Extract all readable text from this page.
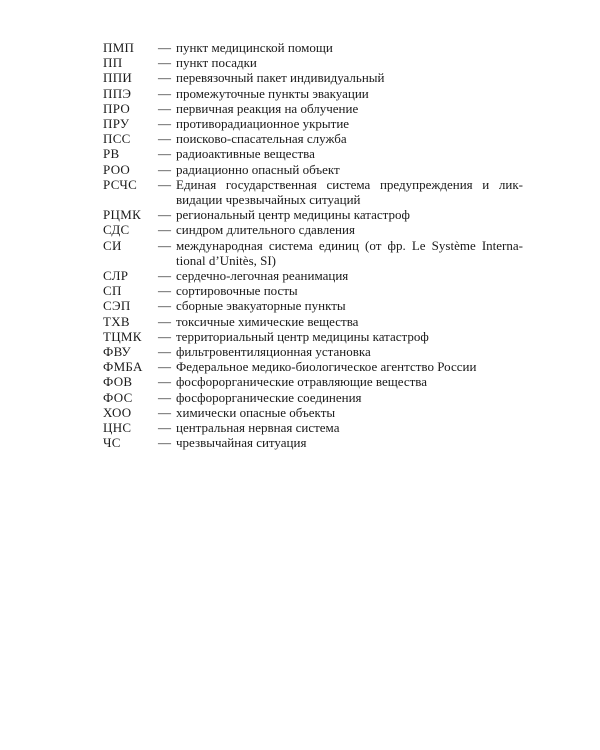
ПМП	— пункт медицинской помощи
ПП	— пункт посадки
ППИ	— перевязочный пакет индивидуальный
ППЭ	— промежуточные пункты эвакуации
ПРО	— первичная реакция на облучение
ПРУ	— противорадиационное укрытие
ПСС	— поисково-спасательная служба
РВ	— радиоактивные вещества
РОО	— радиационно опасный объект
РСЧС	— Единая государственная система предупреждения и ликвидации чрезвычайных ситуаций
РЦМК	— региональный центр медицины катастроф
СДС	— синдром длительного сдавления
СИ	— международная система единиц (от фр. Le Système International d’Unitès, SI)
СЛР	— сердечно-легочная реанимация
СП	— сортировочные посты
СЭП	— сборные эвакуаторные пункты
ТХВ	— токсичные химические вещества
ТЦМК	— территориальный центр медицины катастроф
ФВУ	— фильтровентиляционная установка
ФМБА	— Федеральное медико-биологическое агентство России
ФОВ	— фосфорорганические отравляющие вещества
ФОС	— фосфорорганические соединения
ХОО	— химически опасные объекты
ЦНС	— центральная нервная система
ЧС	— чрезвычайная ситуация
